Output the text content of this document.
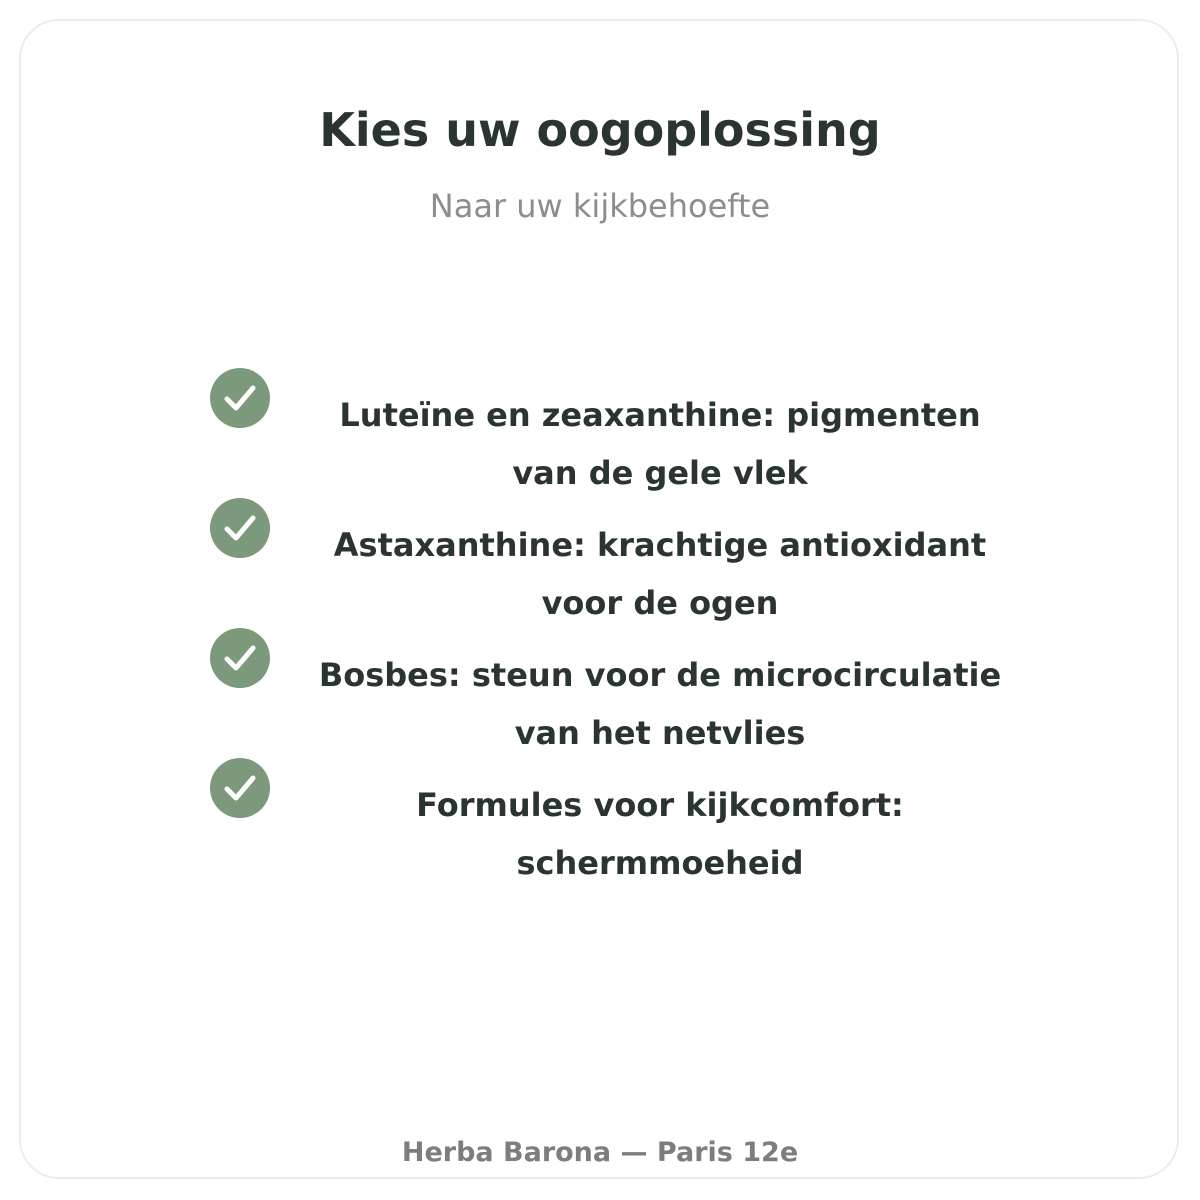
Kies uw oogoplossing

Naar uw kijkbehoefte

Luteïne en zeaxanthine: pigmenten van de gele vlek
Astaxanthine: krachtige antioxidant voor de ogen
Bosbes: steun voor de microcirculatie van het netvlies
Formules voor kijkcomfort: schermmoeheid

Herba Barona — Paris 12e
